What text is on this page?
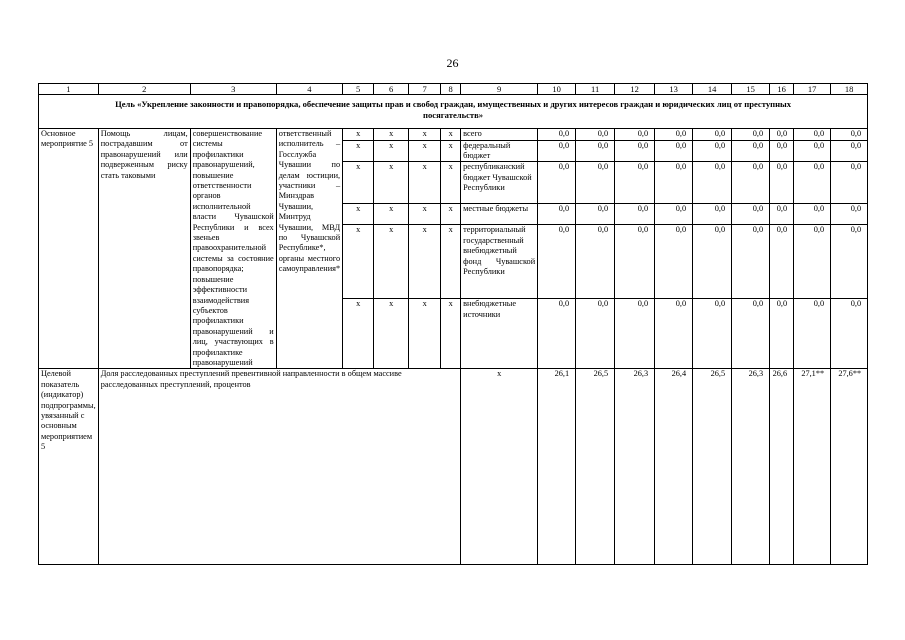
26
1	2	3	4	5	6	7	8	9	10	11	12	13	14	15	16	17	18
Цель «Укрепление законности и правопорядка, обеспечение защиты прав и свобод граждан, имущественных и других интересов граждан и юридических лиц от преступных посягательств»																	
Основное мероприятие 5	Помощь лицам, пострадавшим от правонарушений или подверженным риску стать таковыми	совершенствование системы профилактики правонарушений, повышение ответственности органов исполнительной власти Чувашской Республики и всех звеньев правоохранительной системы за состояние правопорядка; повышение эффективности взаимодействия субъектов профилактики правонарушений и лиц, участвующих в профилактике правонарушений	ответственный исполнитель – Госслужба Чувашии по делам юстиции, участники – Минздрав Чувашии, Минтруд Чувашии, МВД по Чувашской Республике*, органы местного самоуправления*	x	x	x	x	всего	0,0	0,0	0,0	0,0	0,0	0,0	0,0	0,0	0,0
				x	x	x	x	федеральный бюджет	0,0	0,0	0,0	0,0	0,0	0,0	0,0	0,0	0,0
				x	x	x	x	республиканский бюджет Чувашской Республики	0,0	0,0	0,0	0,0	0,0	0,0	0,0	0,0	0,0
				x	x	x	x	местные бюджеты	0,0	0,0	0,0	0,0	0,0	0,0	0,0	0,0	0,0
				x	x	x	x	территориальный государственный внебюджетный фонд Чувашской Республики	0,0	0,0	0,0	0,0	0,0	0,0	0,0	0,0	0,0
				x	x	x	x	внебюджетные источники	0,0	0,0	0,0	0,0	0,0	0,0	0,0	0,0	0,0
Целевой показатель (индикатор) подпрограммы, увязанный с основным мероприятием 5	Доля расследованных преступлений превентивной направленности в общем массиве расследованных преступлений, процентов							x	26,1	26,5	26,3	26,4	26,5	26,3	26,6	27,1**	27,6**
